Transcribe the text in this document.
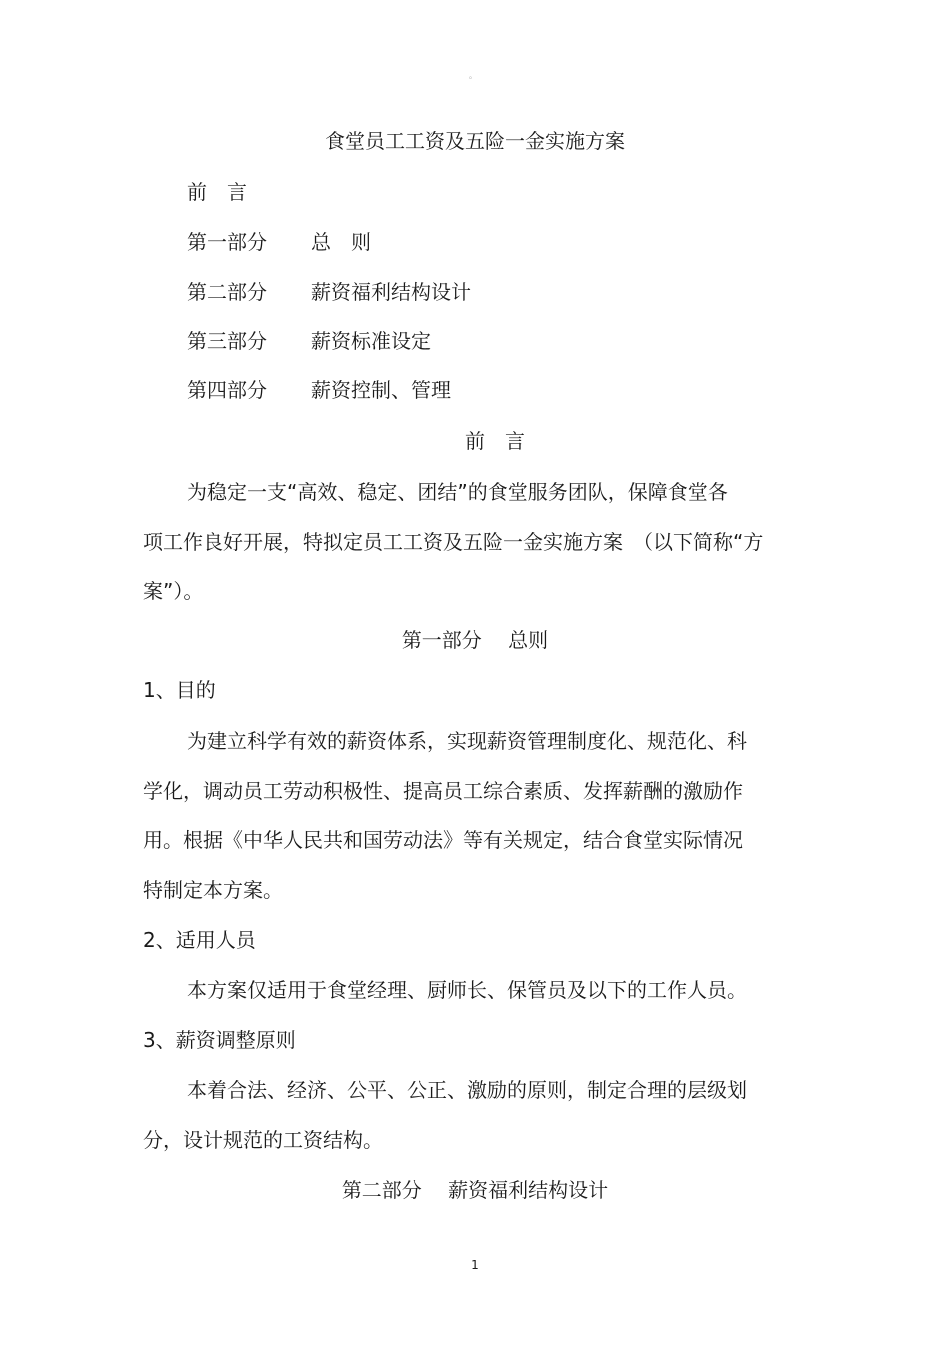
。
食堂员工工资及五险一金实施方案
前　言
第一部分 总　则
第二部分 薪资福利结构设计
第三部分 薪资标准设定
第四部分 薪资控制、管理
前　言
为稳定一支“高效、稳定、团结”的食堂服务团队，保障食堂各
项工作良好开展，特拟定员工工资及五险一金实施方案　（以下简称“方
案”）。
第一部分　 总则
1、目的
为建立科学有效的薪资体系，实现薪资管理制度化、规范化、科
学化，调动员工劳动积极性、提高员工综合素质、发挥薪酬的激励作
用。根据《中华人民共和国劳动法》等有关规定，结合食堂实际情况
特制定本方案。
2、适用人员
本方案仅适用于食堂经理、厨师长、保管员及以下的工作人员。
3、薪资调整原则
本着合法、经济、公平、公正、激励的原则，制定合理的层级划
分，设计规范的工资结构。
第二部分　 薪资福利结构设计
1
